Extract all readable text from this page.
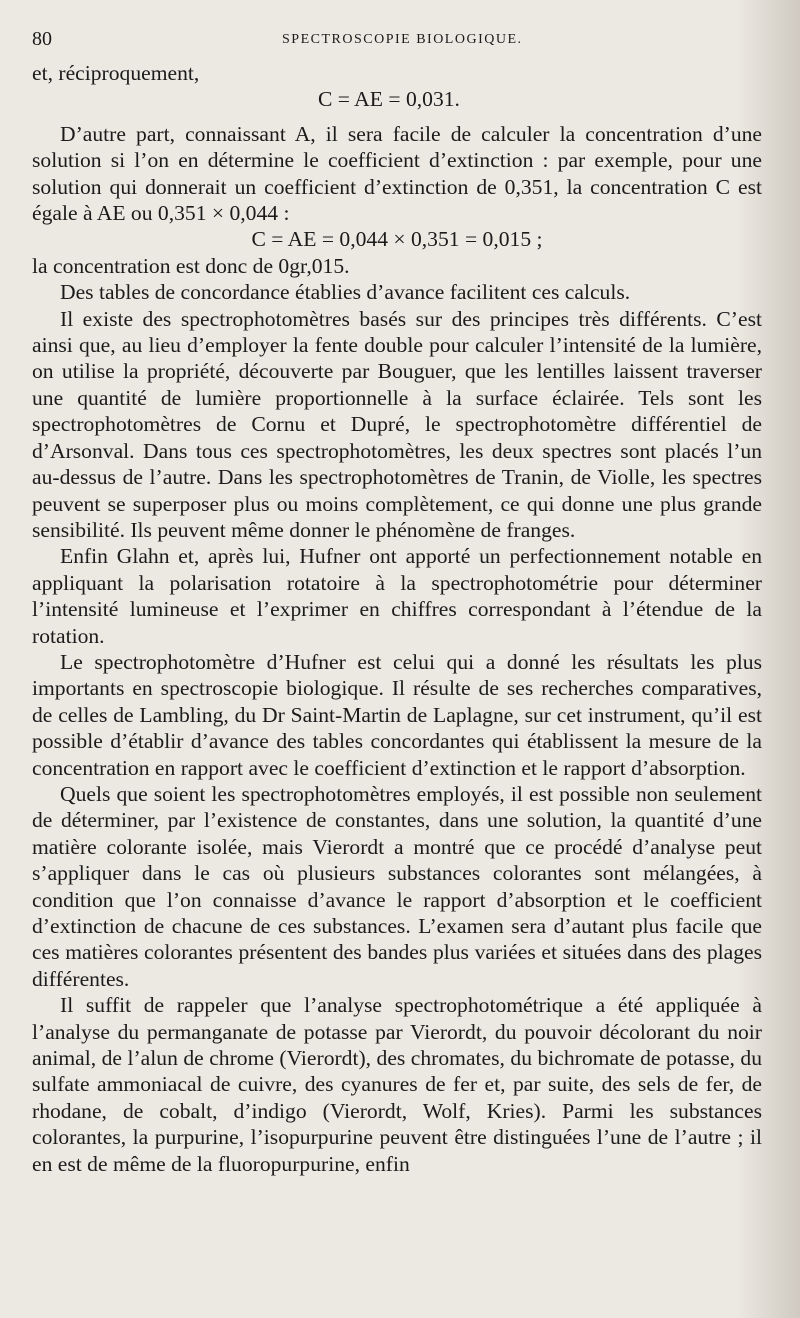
80	SPECTROSCOPIE BIOLOGIQUE.

et, réciproquement,

C = AE = 0,031.

D’autre part, connaissant A, il sera facile de calculer la concentration d’une solution si l’on en détermine le coefficient d’extinction : par exemple, pour une solution qui donnerait un coefficient d’extinction de 0,351, la concentration C est égale à AE ou 0,351 × 0,044 :

C = AE = 0,044 × 0,351 = 0,015 ;

la concentration est donc de 0gr,015.

Des tables de concordance établies d’avance facilitent ces calculs.

Il existe des spectrophotomètres basés sur des principes très différents. C’est ainsi que, au lieu d’employer la fente double pour calculer l’intensité de la lumière, on utilise la propriété, découverte par Bouguer, que les lentilles laissent traverser une quantité de lumière proportionnelle à la surface éclairée. Tels sont les spectrophotomètres de Cornu et Dupré, le spectrophotomètre différentiel de d’Arsonval. Dans tous ces spectrophotomètres, les deux spectres sont placés l’un au-dessus de l’autre. Dans les spectrophotomètres de Tranin, de Violle, les spectres peuvent se superposer plus ou moins complètement, ce qui donne une plus grande sensibilité. Ils peuvent même donner le phénomène de franges.

Enfin Glahn et, après lui, Hufner ont apporté un perfectionnement notable en appliquant la polarisation rotatoire à la spectrophotométrie pour déterminer l’intensité lumineuse et l’exprimer en chiffres correspondant à l’étendue de la rotation.

Le spectrophotomètre d’Hufner est celui qui a donné les résultats les plus importants en spectroscopie biologique. Il résulte de ses recherches comparatives, de celles de Lambling, du Dr Saint-Martin de Laplagne, sur cet instrument, qu’il est possible d’établir d’avance des tables concordantes qui établissent la mesure de la concentration en rapport avec le coefficient d’extinction et le rapport d’absorption.

Quels que soient les spectrophotomètres employés, il est possible non seulement de déterminer, par l’existence de constantes, dans une solution, la quantité d’une matière colorante isolée, mais Vierordt a montré que ce procédé d’analyse peut s’appliquer dans le cas où plusieurs substances colorantes sont mélangées, à condition que l’on connaisse d’avance le rapport d’absorption et le coefficient d’extinction de chacune de ces substances. L’examen sera d’autant plus facile que ces matières colorantes présentent des bandes plus variées et situées dans des plages différentes.

Il suffit de rappeler que l’analyse spectrophotométrique a été appliquée à l’analyse du permanganate de potasse par Vierordt, du pouvoir décolorant du noir animal, de l’alun de chrome (Vierordt), des chromates, du bichromate de potasse, du sulfate ammoniacal de cuivre, des cyanures de fer et, par suite, des sels de fer, de rhodane, de cobalt, d’indigo (Vierordt, Wolf, Kries). Parmi les substances colorantes, la purpurine, l’isopurpurine peuvent être distinguées l’une de l’autre ; il en est de même de la fluoropurpurine, enfin
